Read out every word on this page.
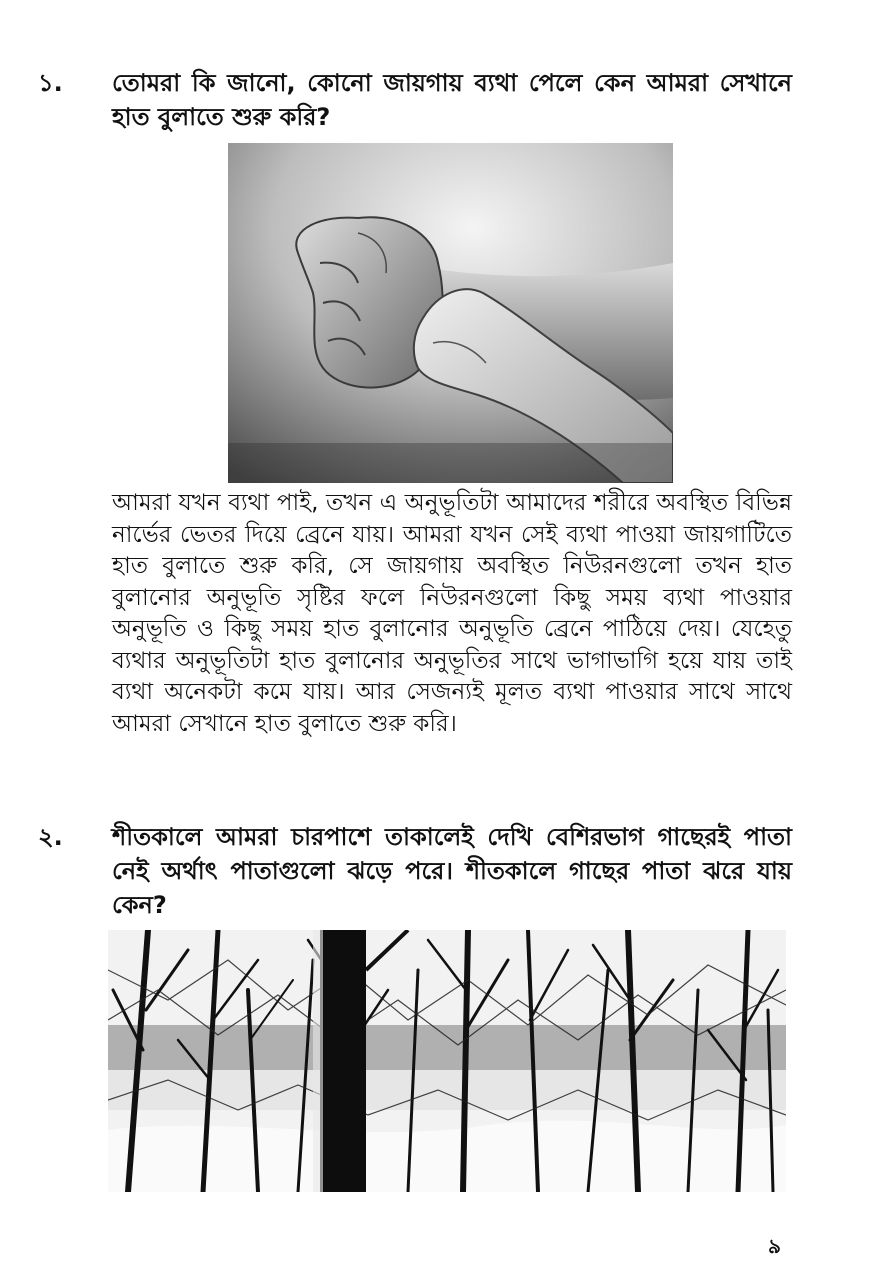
১. তোমরা কি জানো, কোনো জায়গায় ব্যথা পেলে কেন আমরা সেখানে হাত বুলাতে শুরু করি?
আমরা যখন ব্যথা পাই, তখন এ অনুভূতিটা আমাদের শরীরে অবস্থিত বিভিন্ন নার্ভের ভেতর দিয়ে ব্রেনে যায়। আমরা যখন সেই ব্যথা পাওয়া জায়গাটিতে হাত বুলাতে শুরু করি, সে জায়গায় অবস্থিত নিউরনগুলো তখন হাত বুলানোর অনুভূতি সৃষ্টির ফলে নিউরনগুলো কিছু সময় ব্যথা পাওয়ার অনুভূতি ও কিছু সময় হাত বুলানোর অনুভূতি ব্রেনে পাঠিয়ে দেয়। যেহেতু ব্যথার অনুভূতিটা হাত বুলানোর অনুভূতির সাথে ভাগাভাগি হয়ে যায় তাই ব্যথা অনেকটা কমে যায়। আর সেজন্যই মূলত ব্যথা পাওয়ার সাথে সাথে আমরা সেখানে হাত বুলাতে শুরু করি।
২. শীতকালে আমরা চারপাশে তাকালেই দেখি বেশিরভাগ গাছেরই পাতা নেই অর্থাৎ পাতাগুলো ঝড়ে পরে। শীতকালে গাছের পাতা ঝরে যায় কেন?
৯
